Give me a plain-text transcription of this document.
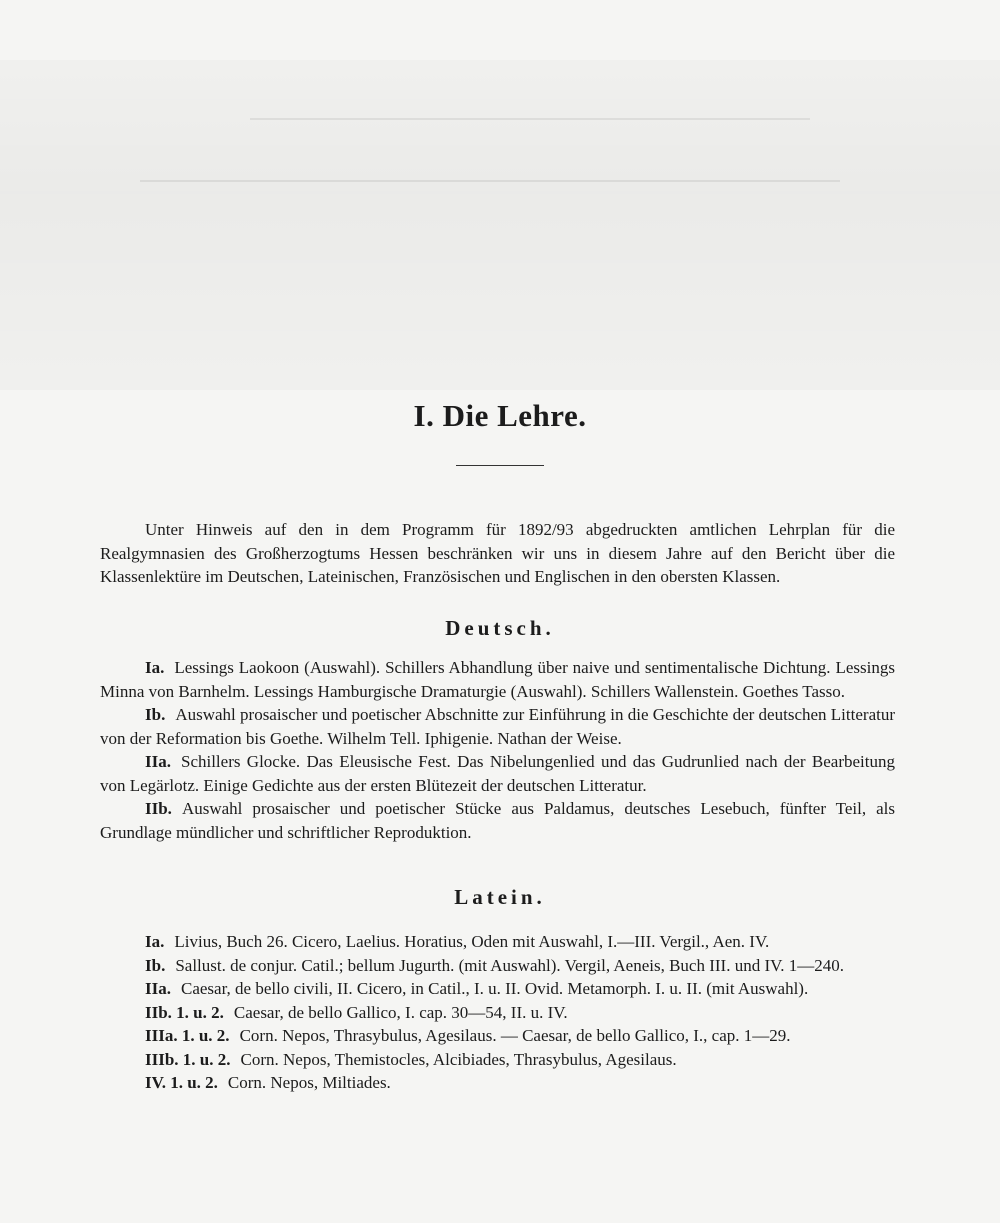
I. Die Lehre.

Unter Hinweis auf den in dem Programm für 1892/93 abgedruckten amtlichen Lehrplan für die Realgymnasien des Großherzogtums Hessen beschränken wir uns in diesem Jahre auf den Bericht über die Klassenlektüre im Deutschen, Lateinischen, Französischen und Englischen in den obersten Klassen.

Deutsch.

Ia. Lessings Laokoon (Auswahl). Schillers Abhandlung über naive und sentimentalische Dichtung. Lessings Minna von Barnhelm. Lessings Hamburgische Dramaturgie (Auswahl). Schillers Wallenstein. Goethes Tasso.

Ib. Auswahl prosaischer und poetischer Abschnitte zur Einführung in die Geschichte der deutschen Litteratur von der Reformation bis Goethe. Wilhelm Tell. Iphigenie. Nathan der Weise.

IIa. Schillers Glocke. Das Eleusische Fest. Das Nibelungenlied und das Gudrunlied nach der Bearbeitung von Legärlotz. Einige Gedichte aus der ersten Blütezeit der deutschen Litteratur.

IIb. Auswahl prosaischer und poetischer Stücke aus Paldamus, deutsches Lesebuch, fünfter Teil, als Grundlage mündlicher und schriftlicher Reproduktion.

Latein.

Ia. Livius, Buch 26. Cicero, Laelius. Horatius, Oden mit Auswahl, I.—III. Vergil., Aen. IV.

Ib. Sallust. de conjur. Catil.; bellum Jugurth. (mit Auswahl). Vergil, Aeneis, Buch III. und IV. 1—240.

IIa. Caesar, de bello civili, II. Cicero, in Catil., I. u. II. Ovid. Metamorph. I. u. II. (mit Auswahl).

IIb. 1. u. 2. Caesar, de bello Gallico, I. cap. 30—54, II. u. IV.

IIIa. 1. u. 2. Corn. Nepos, Thrasybulus, Agesilaus. — Caesar, de bello Gallico, I., cap. 1—29.

IIIb. 1. u. 2. Corn. Nepos, Themistocles, Alcibiades, Thrasybulus, Agesilaus.

IV. 1. u. 2. Corn. Nepos, Miltiades.
